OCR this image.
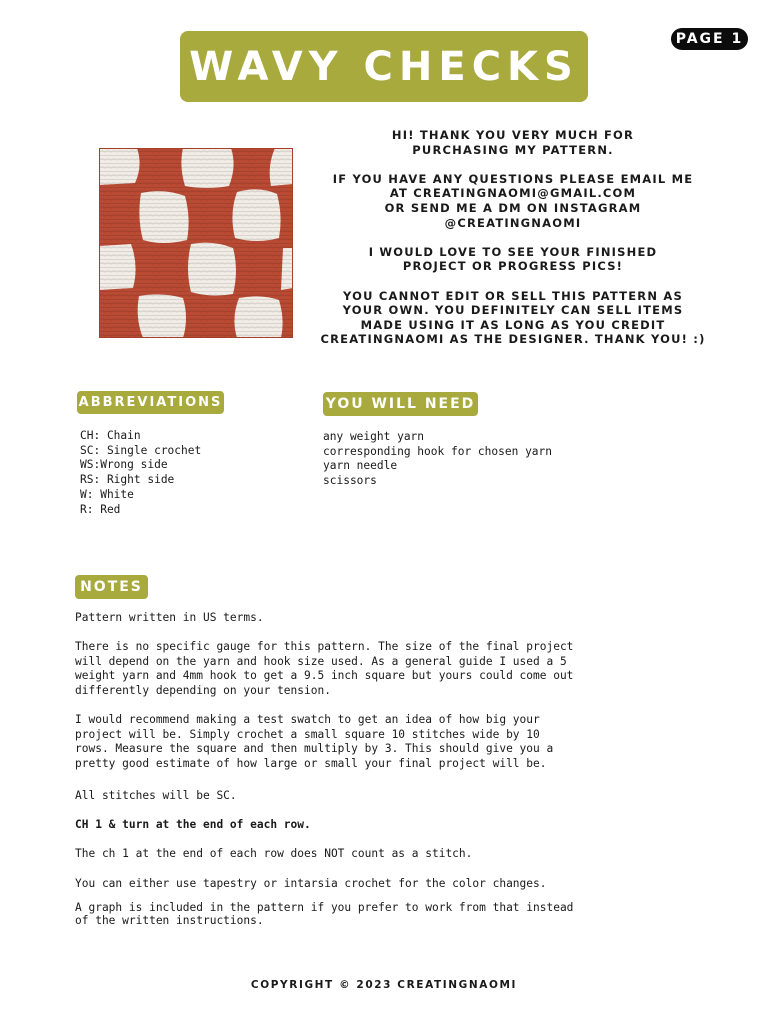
PAGE 1
WAVY CHECKS

HI! THANK YOU VERY MUCH FOR
PURCHASING MY PATTERN.

IF YOU HAVE ANY QUESTIONS PLEASE EMAIL ME
AT CREATINGNAOMI@GMAIL.COM
OR SEND ME A DM ON INSTAGRAM
@CREATINGNAOMI

I WOULD LOVE TO SEE YOUR FINISHED
PROJECT OR PROGRESS PICS!

YOU CANNOT EDIT OR SELL THIS PATTERN AS
YOUR OWN. YOU DEFINITELY CAN SELL ITEMS
MADE USING IT AS LONG AS YOU CREDIT
CREATINGNAOMI AS THE DESIGNER. THANK YOU! :)

ABBREVIATIONS
CH: Chain
SC: Single crochet
WS:Wrong side
RS: Right side
W: White
R: Red
YOU WILL NEED
any weight yarn
corresponding hook for chosen yarn
yarn needle
scissors
NOTES

Pattern written in US terms.

There is no specific gauge for this pattern. The size of the final project
will depend on the yarn and hook size used. As a general guide I used a 5
weight yarn and 4mm hook to get a 9.5 inch square but yours could come out
differently depending on your tension.

I would recommend making a test swatch to get an idea of how big your
project will be. Simply crochet a small square 10 stitches wide by 10
rows. Measure the square and then multiply by 3. This should give you a
pretty good estimate of how large or small your final project will be.

All stitches will be SC.

CH 1 & turn at the end of each row.

The ch 1 at the end of each row does NOT count as a stitch.

You can either use tapestry or intarsia crochet for the color changes.

A graph is included in the pattern if you prefer to work from that instead
of the written instructions.

COPYRIGHT © 2023 CREATINGNAOMI
